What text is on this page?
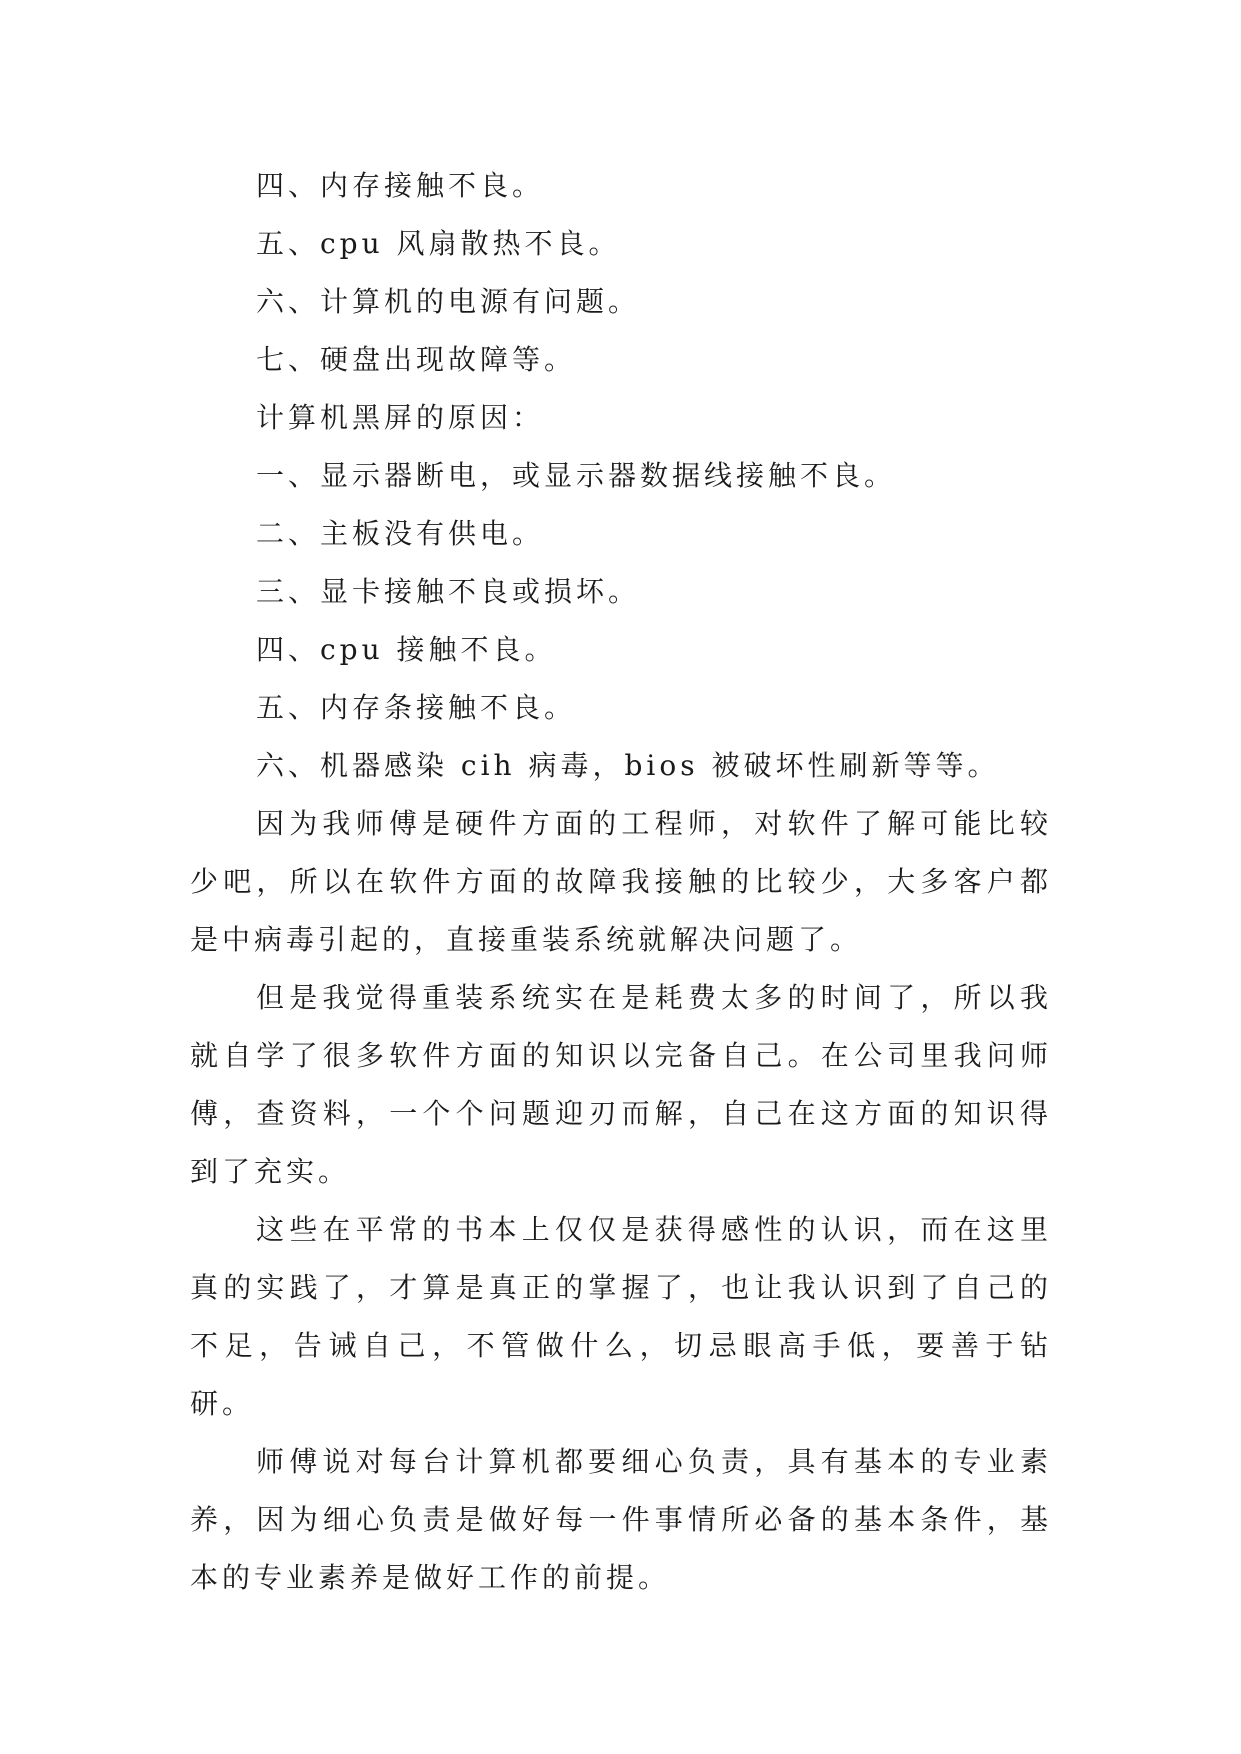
四、内存接触不良。
五、cpu 风扇散热不良。
六、计算机的电源有问题。
七、硬盘出现故障等。
计算机黑屏的原因：
一、显示器断电，或显示器数据线接触不良。
二、主板没有供电。
三、显卡接触不良或损坏。
四、cpu 接触不良。
五、内存条接触不良。
六、机器感染 cih 病毒，bios 被破坏性刷新等等。

因为我师傅是硬件方面的工程师，对软件了解可能比较少吧，所以在软件方面的故障我接触的比较少，大多客户都是中病毒引起的，直接重装系统就解决问题了。

但是我觉得重装系统实在是耗费太多的时间了，所以我就自学了很多软件方面的知识以完备自己。在公司里我问师傅，查资料，一个个问题迎刃而解，自己在这方面的知识得到了充实。

这些在平常的书本上仅仅是获得感性的认识，而在这里真的实践了，才算是真正的掌握了，也让我认识到了自己的不足，告诫自己，不管做什么，切忌眼高手低，要善于钻研。

师傅说对每台计算机都要细心负责，具有基本的专业素养，因为细心负责是做好每一件事情所必备的基本条件，基本的专业素养是做好工作的前提。
